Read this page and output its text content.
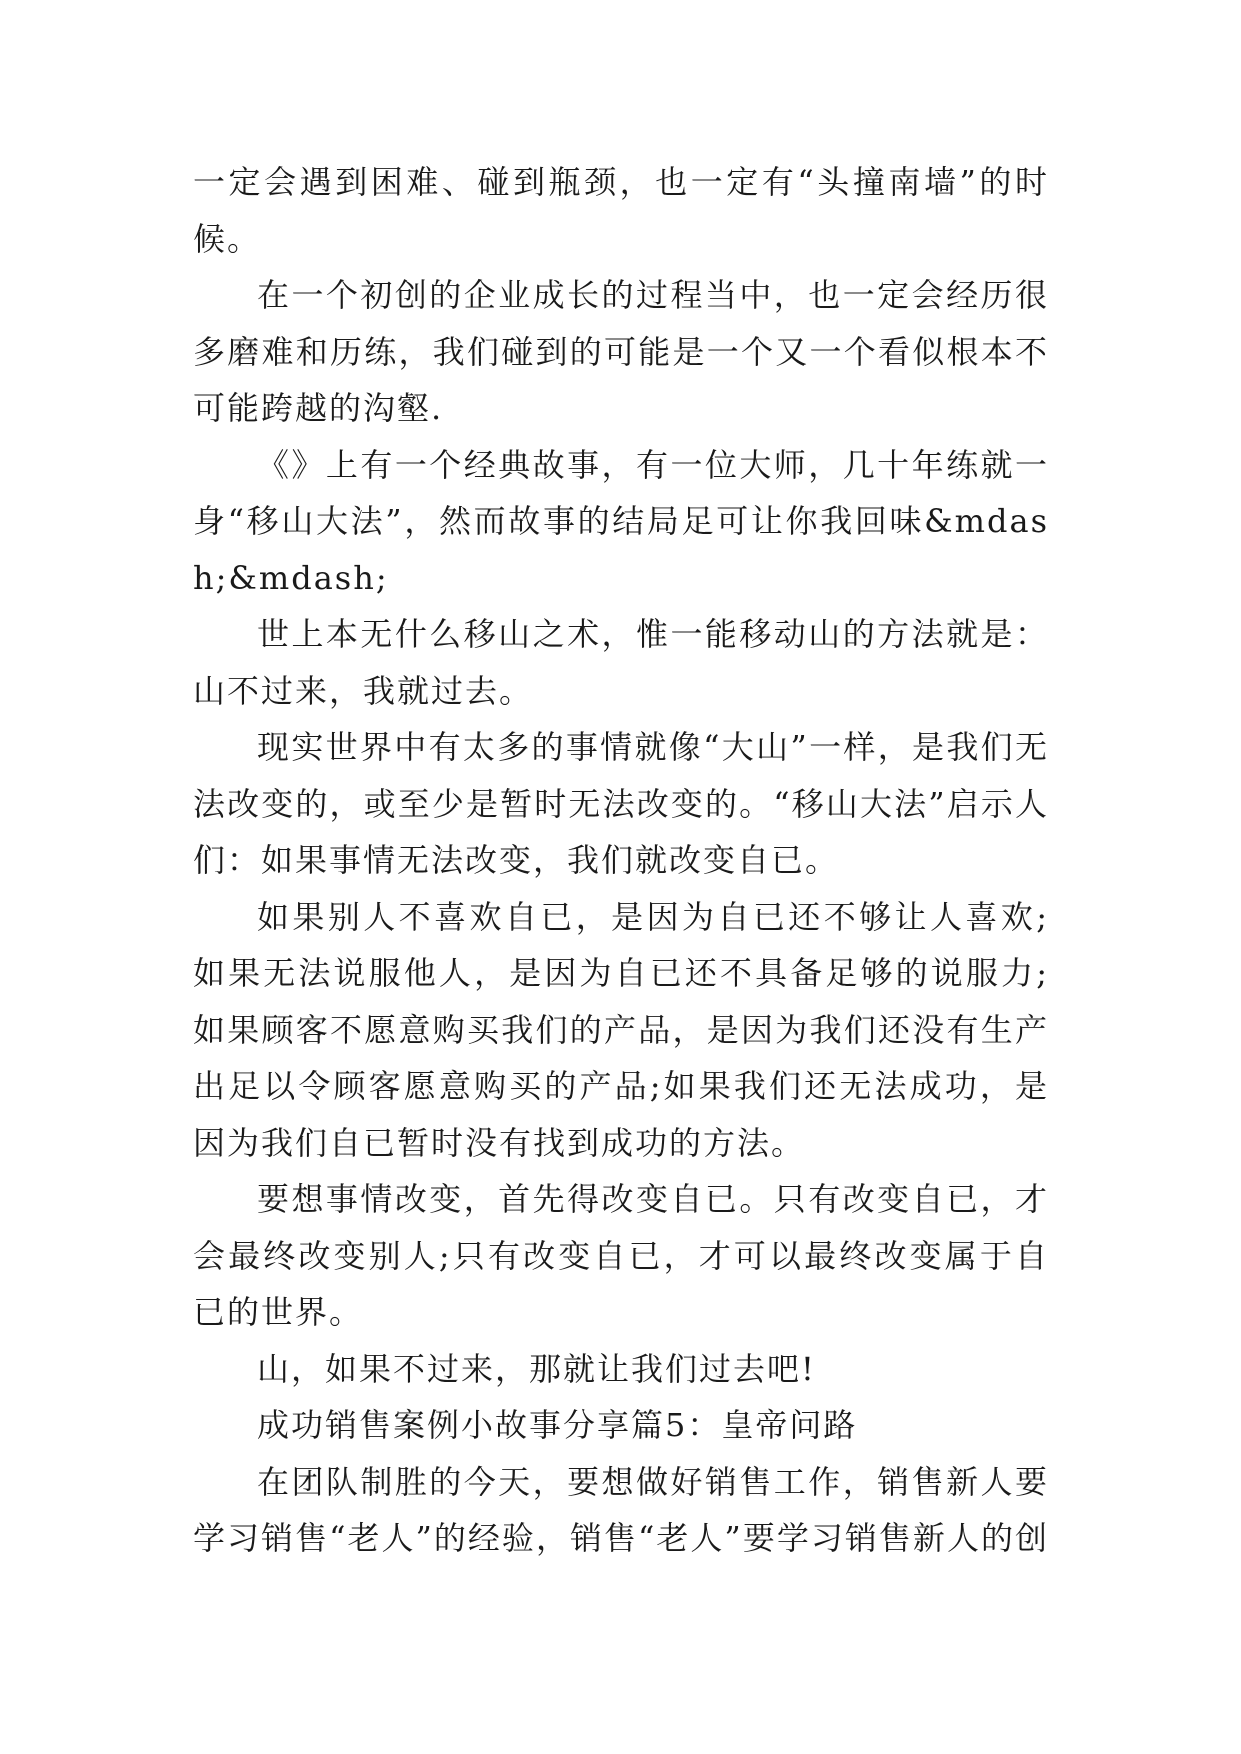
一定会遇到困难、碰到瓶颈，也一定有“头撞南墙”的时候。

在一个初创的企业成长的过程当中，也一定会经历很多磨难和历练，我们碰到的可能是一个又一个看似根本不可能跨越的沟壑.

《》上有一个经典故事，有一位大师，几十年练就一身“移山大法”，然而故事的结局足可让你我回味&mdash;&mdash;

世上本无什么移山之术，惟一能移动山的方法就是：山不过来，我就过去。

现实世界中有太多的事情就像“大山”一样，是我们无法改变的，或至少是暂时无法改变的。“移山大法”启示人们：如果事情无法改变，我们就改变自已。

如果别人不喜欢自已，是因为自已还不够让人喜欢;如果无法说服他人，是因为自已还不具备足够的说服力;如果顾客不愿意购买我们的产品，是因为我们还没有生产出足以令顾客愿意购买的产品;如果我们还无法成功，是因为我们自已暂时没有找到成功的方法。

要想事情改变，首先得改变自已。只有改变自已，才会最终改变别人;只有改变自已，才可以最终改变属于自已的世界。

山，如果不过来，那就让我们过去吧!

成功销售案例小故事分享篇5：皇帝问路

在团队制胜的今天，要想做好销售工作，销售新人要学习销售“老人”的经验，销售“老人”要学习销售新人的创
